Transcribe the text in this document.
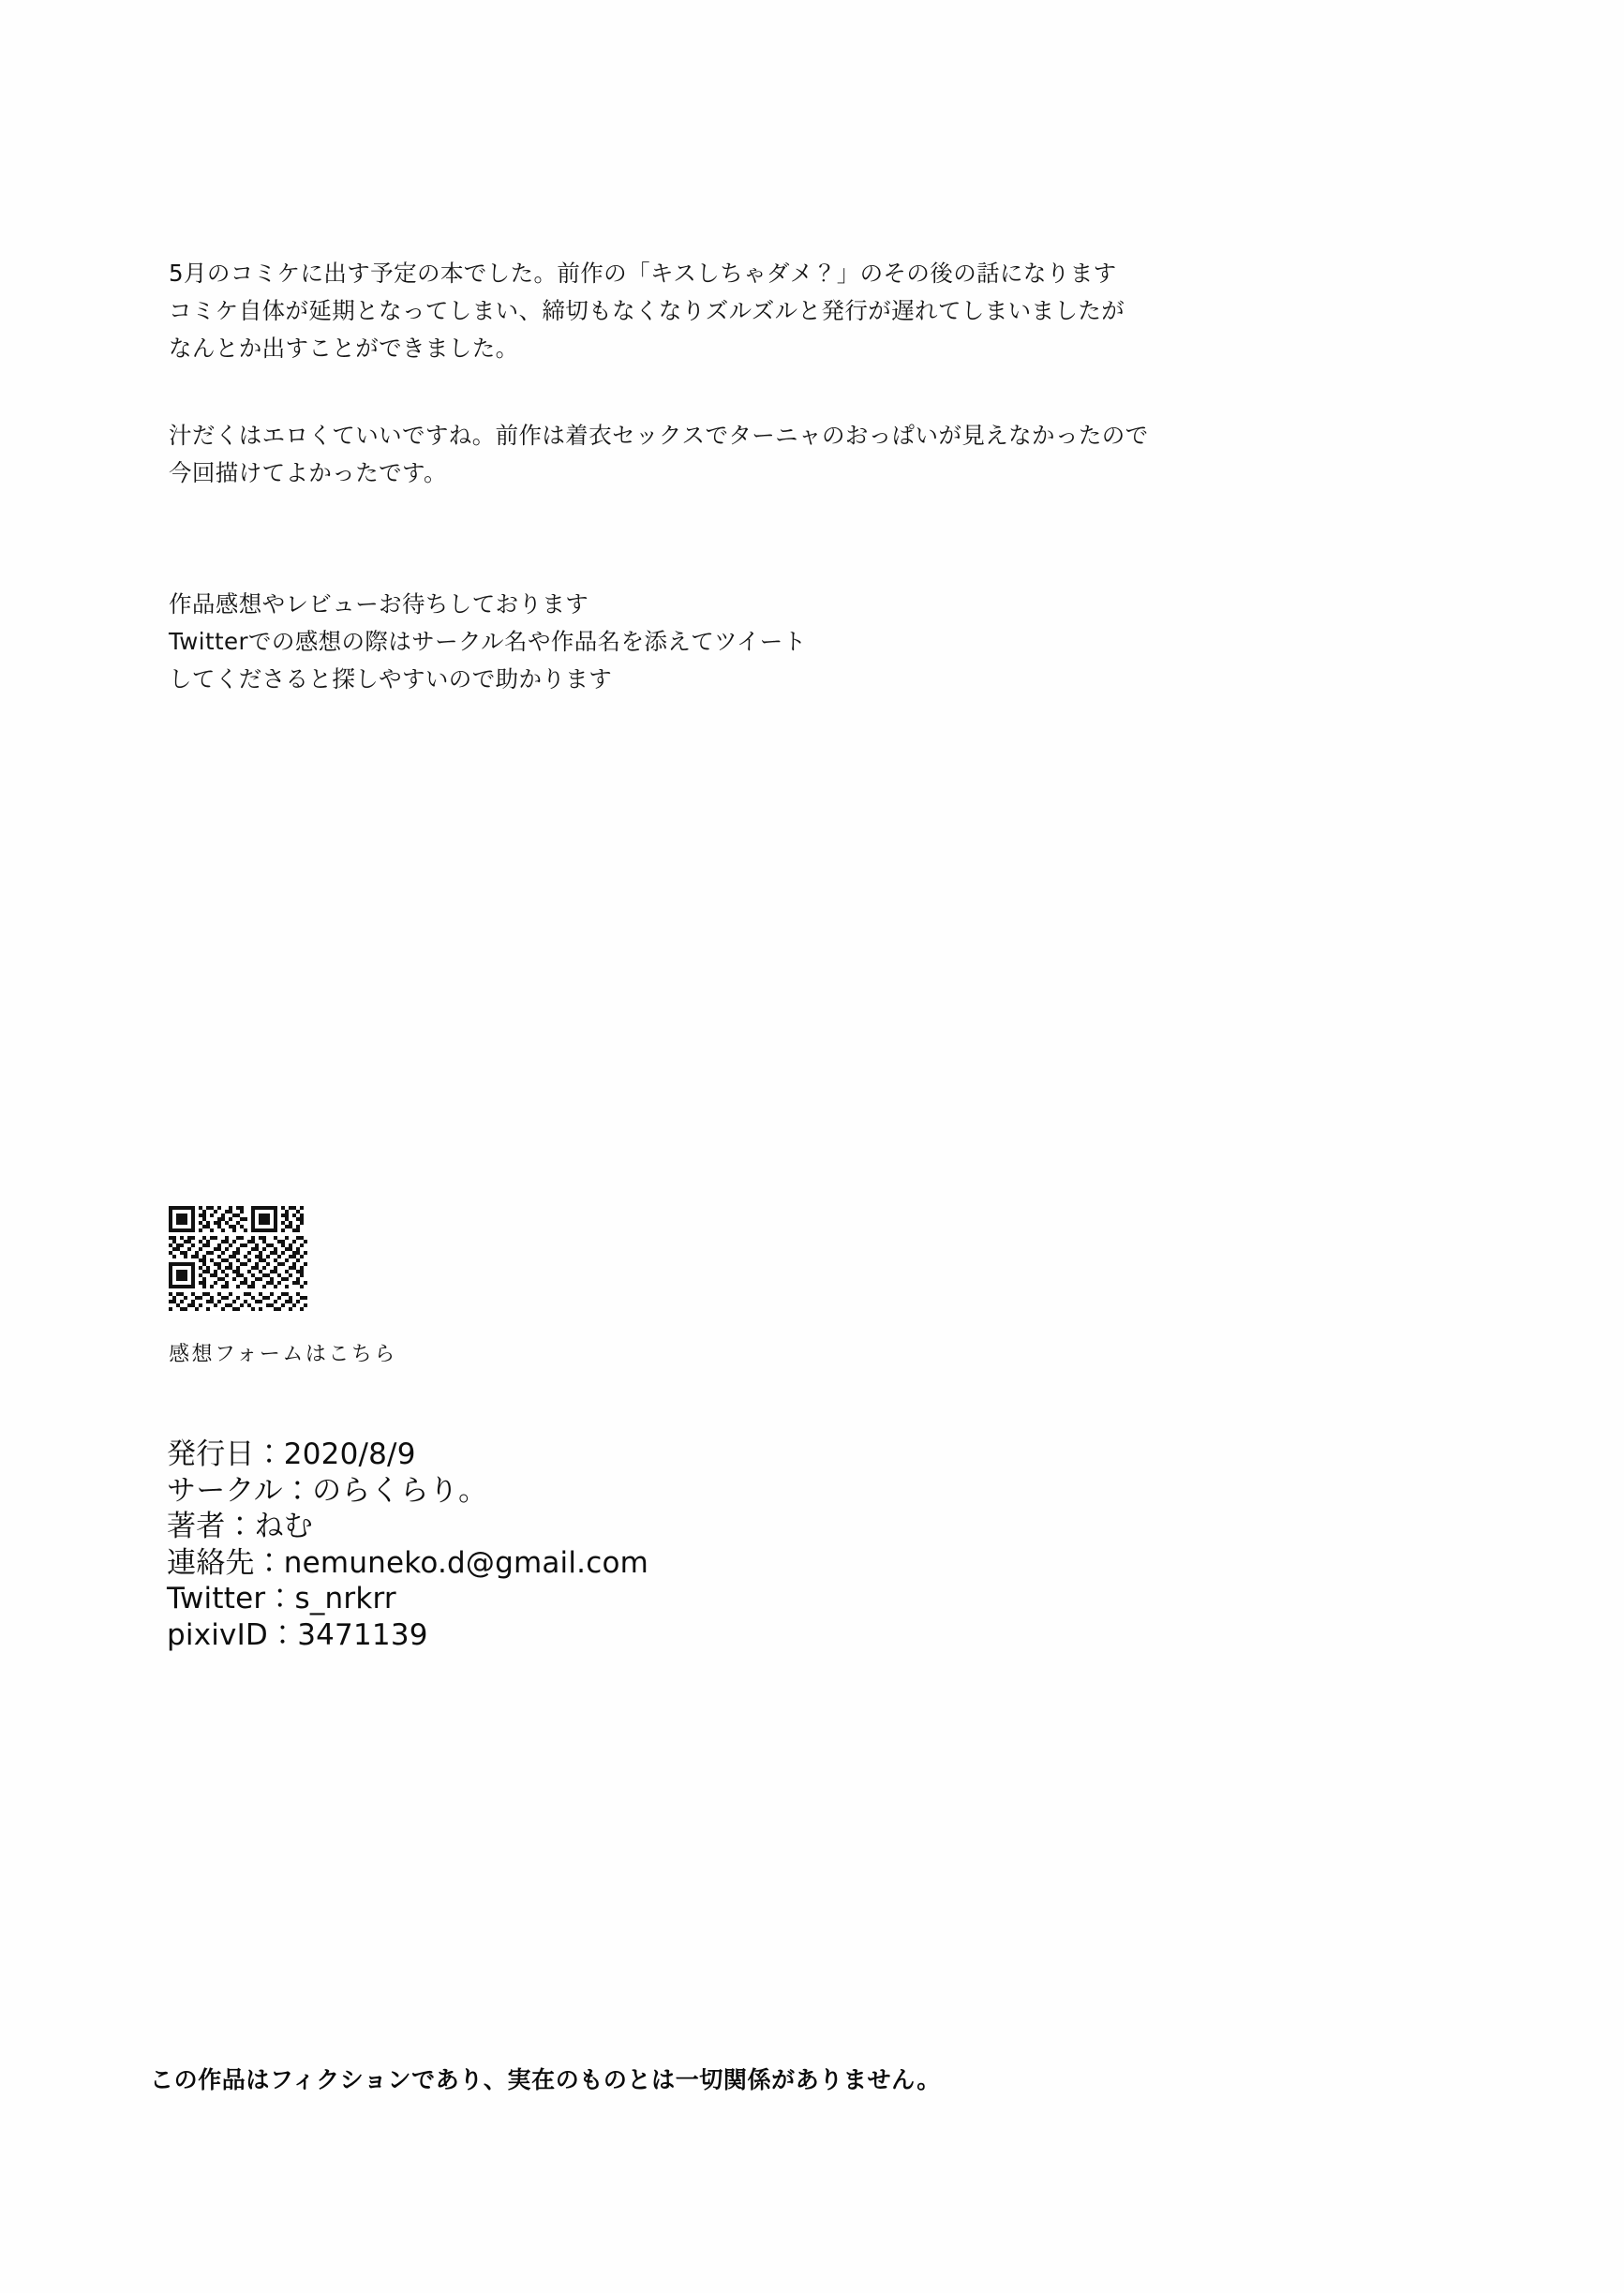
5月のコミケに出す予定の本でした。前作の「キスしちゃダメ？」のその後の話になります
コミケ自体が延期となってしまい、締切もなくなりズルズルと発行が遅れてしまいましたが
なんとか出すことができました。

汁だくはエロくていいですね。前作は着衣セックスでターニャのおっぱいが見えなかったので
今回描けてよかったです。

作品感想やレビューお待ちしております
Twitterでの感想の際はサークル名や作品名を添えてツイート
してくださると探しやすいので助かります

感想フォームはこちら
発行日：2020/8/9
サークル：のらくらり。
著者：ねむ
連絡先：nemuneko.d@gmail.com
Twitter：s_nrkrr
pixivID：3471139
この作品はフィクションであり、実在のものとは一切関係がありません。
